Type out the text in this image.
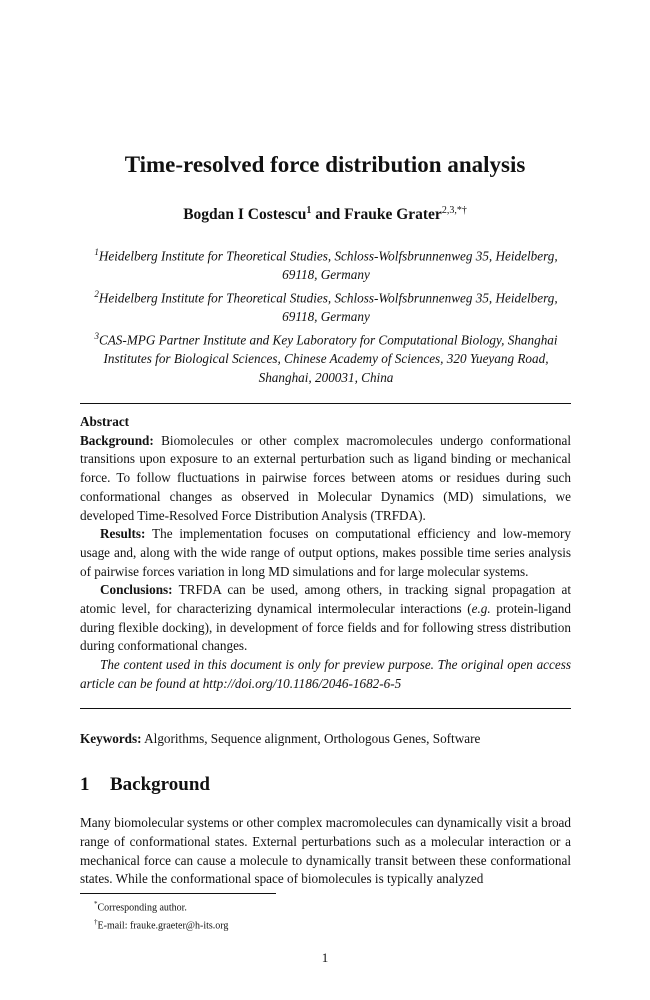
Time-resolved force distribution analysis
Bogdan I Costescu$^1$ and Frauke Grater$^{2,3,*\dagger}$
$^1$Heidelberg Institute for Theoretical Studies, Schloss-Wolfsbrunnenweg 35, Heidelberg, 69118, Germany
$^2$Heidelberg Institute for Theoretical Studies, Schloss-Wolfsbrunnenweg 35, Heidelberg, 69118, Germany
$^3$CAS-MPG Partner Institute and Key Laboratory for Computational Biology, Shanghai Institutes for Biological Sciences, Chinese Academy of Sciences, 320 Yueyang Road, Shanghai, 200031, China

Abstract

Background: Biomolecules or other complex macromolecules undergo conformational transitions upon exposure to an external perturbation such as ligand binding or mechanical force. To follow fluctuations in pairwise forces between atoms or residues during such conformational changes as observed in Molecular Dynamics (MD) simulations, we developed Time-Resolved Force Distribution Analysis (TRFDA).

Results: The implementation focuses on computational efficiency and low-memory usage and, along with the wide range of output options, makes possible time series analysis of pairwise forces variation in long MD simulations and for large molecular systems.

Conclusions: TRFDA can be used, among others, in tracking signal propagation at atomic level, for characterizing dynamical intermolecular interactions (e.g. protein-ligand during flexible docking), in development of force fields and for following stress distribution during conformational changes.

The content used in this document is only for preview purpose. The original open access article can be found at http://doi.org/10.1186/2046-1682-6-5

Keywords: Algorithms, Sequence alignment, Orthologous Genes, Software
1 Background

Many biomolecular systems or other complex macromolecules can dynamically visit a broad range of conformational states. External perturbations such as a molecular interaction or a mechanical force can cause a molecule to dynamically transit between these conformational states. While the conformational space of biomolecules is typically analyzed

*Corresponding author.
†E-mail: frauke.graeter@h-its.org
1
